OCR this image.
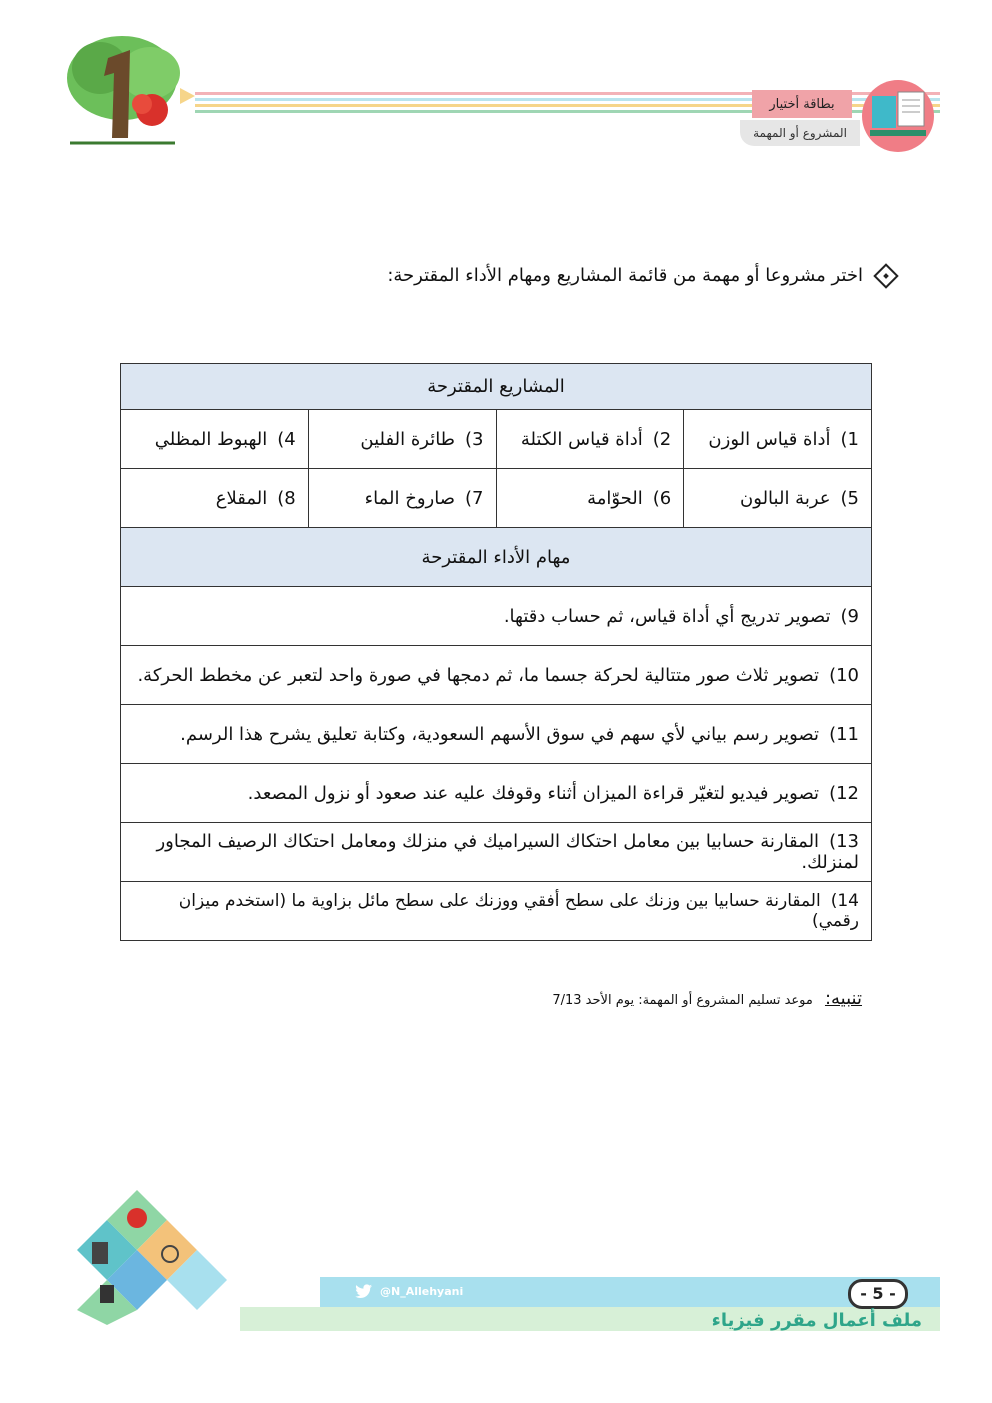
بطاقة أختيار
المشروع أو المهمة
اختر مشروعا أو مهمة من قائمة المشاريع ومهام الأداء المقترحة:
المشاريع المقترحة			
1)أداة قياس الوزن	2)أداة قياس الكتلة	3)طائرة الفلين	4)الهبوط المظلي
5)عربة البالون	6)الحوّامة	7)صاروخ الماء	8)المقلاع
مهام الأداء المقترحة			
9)تصوير تدريج أي أداة قياس، ثم حساب دقتها.			
10)تصوير ثلاث صور متتالية لحركة جسما ما، ثم دمجها في صورة واحد لتعبر عن مخطط الحركة.			
11)تصوير رسم بياني لأي سهم في سوق الأسهم السعودية، وكتابة تعليق يشرح هذا الرسم.			
12)تصوير فيديو لتغيّر قراءة الميزان أثناء وقوفك عليه عند صعود أو نزول المصعد.			
13)المقارنة حسابيا بين معامل احتكاك السيراميك في منزلك ومعامل احتكاك الرصيف المجاور لمنزلك.			
14)المقارنة حسابيا بين وزنك على سطح أفقي ووزنك على سطح مائل بزاوية ما (استخدم ميزان رقمي)			
تنبيه: موعد تسليم المشروع أو المهمة: يوم الأحد 7/13
@N_Allehyani	- 5 -
ملف أعمال مقرر فيزياء
